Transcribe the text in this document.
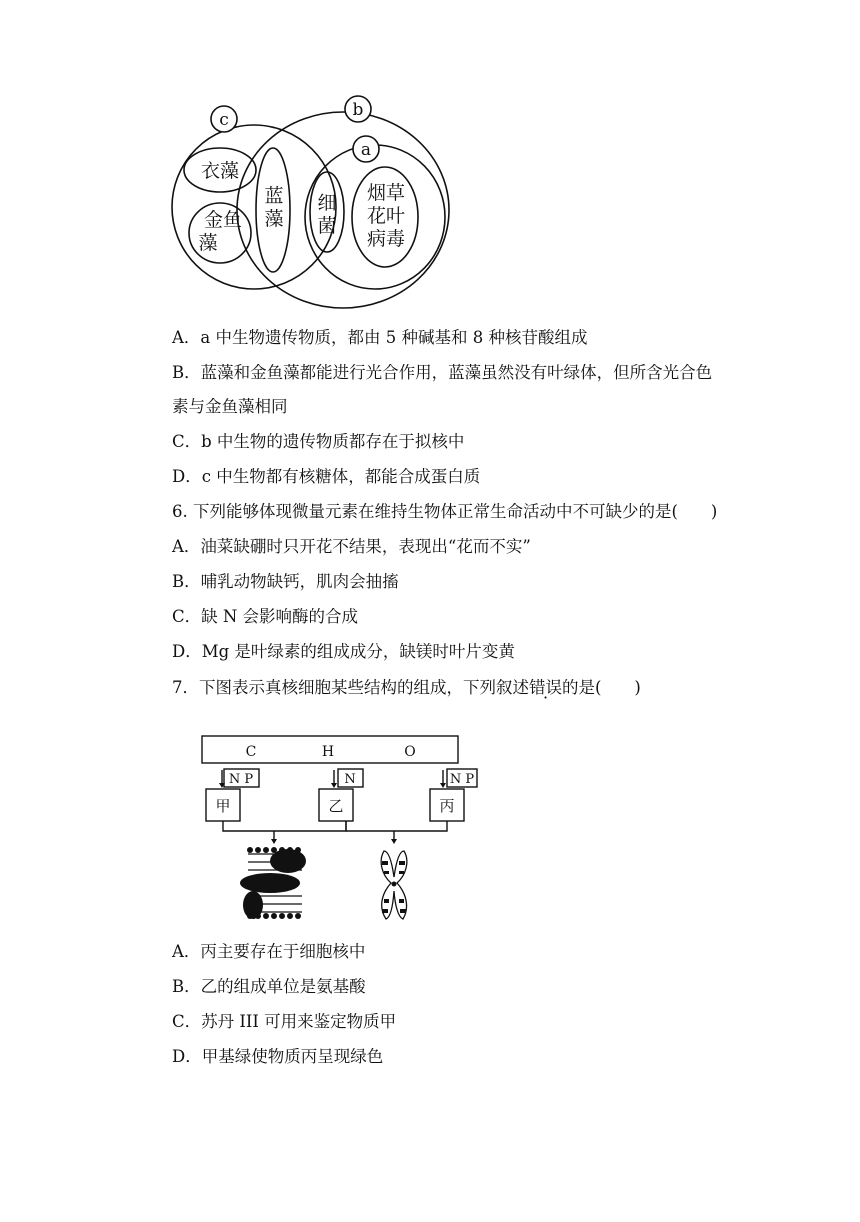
c	b
a
衣藻
金鱼
藻
蓝
藻
细
菌
烟草
花叶
病毒
A．a 中生物遗传物质，都由 5 种碱基和 8 种核苷酸组成
B．蓝藻和金鱼藻都能进行光合作用，蓝藻虽然没有叶绿体，但所含光合色
素与金鱼藻相同
C．b 中生物的遗传物质都存在于拟核中
D．c 中生物都有核糖体，都能合成蛋白质
6. 下列能够体现微量元素在维持生物体正常生命活动中不可缺少的是(　　)
A．油菜缺硼时只开花不结果，表现出“花而不实”
B．哺乳动物缺钙，肌肉会抽搐
C．缺 N 会影响酶的合成
D．Mg 是叶绿素的组成成分，缺镁时叶片变黄
7．下图表示真核细胞某些结构的组成，下列叙述错误的是(　　)
C	H	O
N P	N	N P
甲	乙	丙
A．丙主要存在于细胞核中
B．乙的组成单位是氨基酸
C．苏丹 III 可用来鉴定物质甲
D．甲基绿使物质丙呈现绿色
